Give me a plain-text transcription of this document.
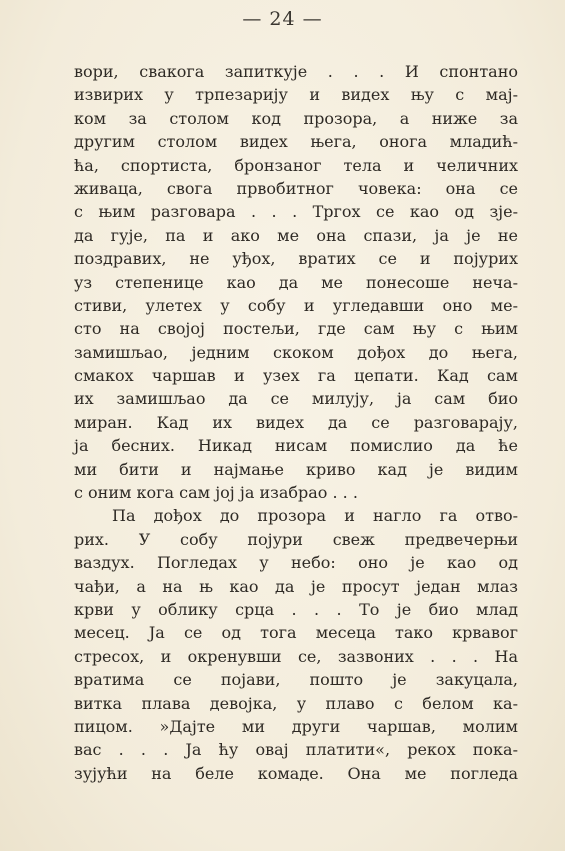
— 24 —
вори, свакога запиткује . . . И спонтано
извирих у трпезарију и видех њу с мај-
ком за столом код прозора, а ниже за
другим столом видех њега, онога младић-
ћа, спортиста, бронзаног тела и челичних
живаца, свога првобитног човека: она се
с њим разговара . . . Тргох се као од зје-
да гује, па и ако ме она спази, ја је не
поздравих, не уђох, вратих се и појурих
уз степенице као да ме понесоше нечa-
стиви, улетех у собу и угледавши оно ме-
сто на својој постељи, где сам њу с њим
замишљао, једним скоком дођох до њега,
смакох чаршав и узех га цепати. Кад сам
их замишљао да се милују, ја сам био
миран. Кад их видех да се разговарају,
ја бесних. Никад нисам помислио да ће
ми бити и најмање криво кад је видим
с оним кога сам јој ја изабрао . . .
Па дођох до прозора и нагло га отво-
рих. У собу појури свеж предвечерњи
ваздух. Погледах у небо: оно је као од
чађи, а на њ као да је просут један млаз
крви у облику срца . . . То је био млад
месец. Ја се од тога месеца тако крвавог
стресох, и окренувши се, зазвоних . . . На
вратима се појави, пошто је закуцала,
витка плава девојка, у плаво с белом ка-
пицом. »Дајте ми други чаршав, молим
вас . . . Ја ћу овај платити«, рекох пока-
зујући на беле комаде. Она ме погледа
